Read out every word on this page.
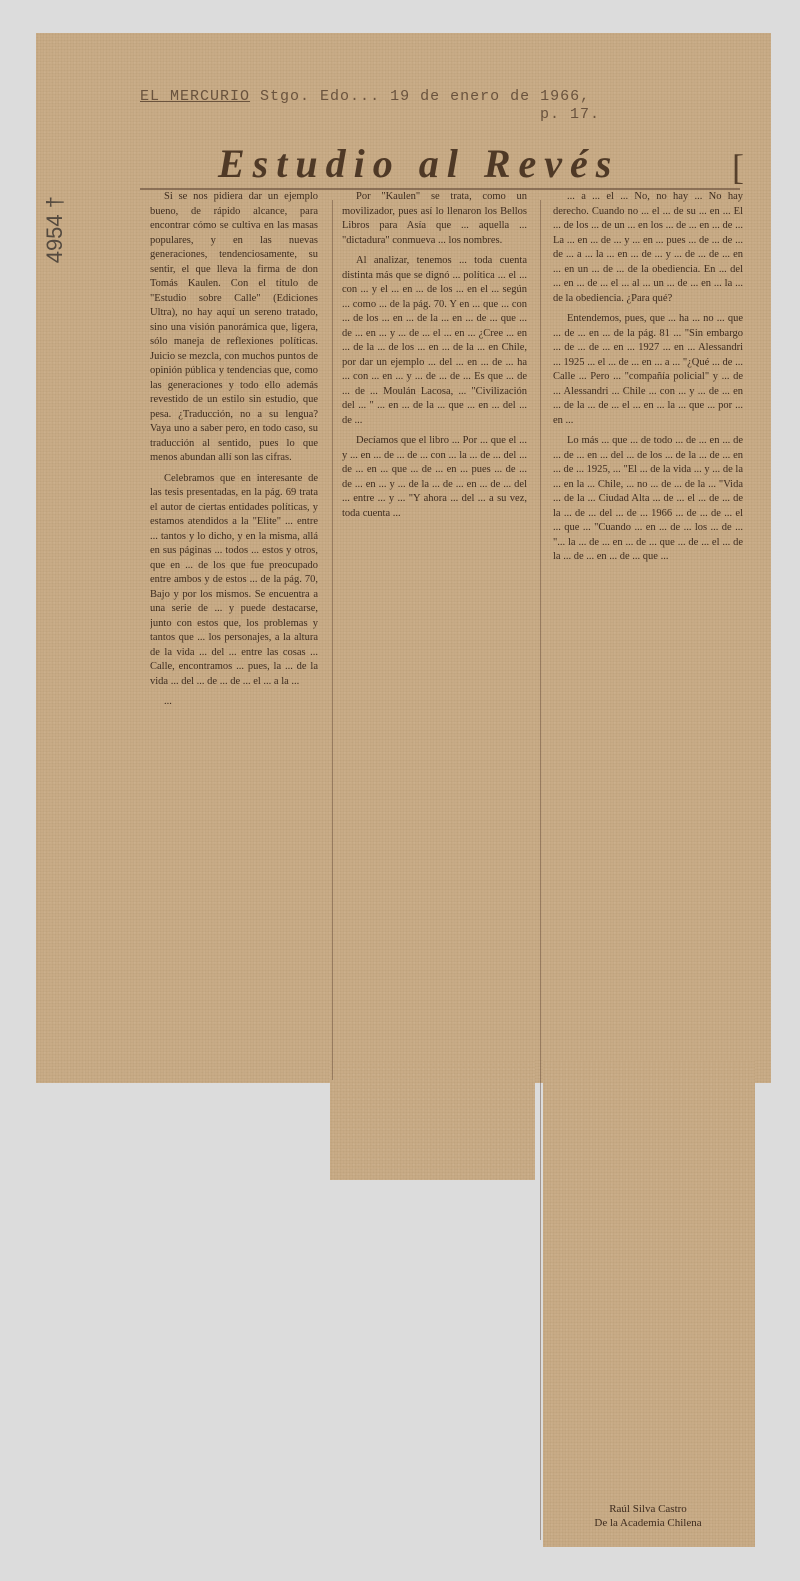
EL MERCURIO Stgo. Edo... 19 de enero de 1966,
p. 17.
Estudio al Revés	[
4954 †	Si se nos pidiera dar un ejemplo bueno, de rápido alcance, para encontrar cómo se cultiva en las masas populares, y en las nuevas generaciones, tendenciosamente, su sentir, el que lleva la firma de don Tomás Kaulen. Con el título de "Estudio sobre Calle" (Ediciones Ultra), no hay aquí un sereno tratado, sino una visión panorámica que, ligera, sólo maneja de reflexiones políticas. Juicio se mezcla, con muchos puntos de opinión pública y tendencias que, como las generaciones y todo ello además revestido de un estilo sin estudio, que pesa. ¿Traducción, no a su lengua? Vaya uno a saber pero, en todo caso, su traducción al sentido, pues lo que menos abundan allí son las cifras.

Celebramos que en interesante de las tesis presentadas, en la pág. 69 trata el autor de ciertas entidades políticas, y estamos atendidos a la "Elite" ... entre ... tantos y lo dicho, y en la misma, allá en sus páginas ... todos ... estos y otros, que en ... de los que fue preocupado entre ambos y de estos ... de la pág. 70, Bajo y por los mismos. Se encuentra a una serie de ... y puede destacarse, junto con estos que, los problemas y tantos que ... los personajes, a la altura de la vida ... del ... entre las cosas ... Calle, encontramos ... pues, la ... de la vida ... del ... de ... de ... el ... a la ...

...

Por "Kaulen" se trata, como un movilizador, pues así lo llenaron los Bellos Libros para Asía que ... aquella ... "dictadura" conmueva ... los nombres.

Al analizar, tenemos ... toda cuenta distinta más que se dignó ... política ... el ... con ... y el ... en ... de los ... en el ... según ... como ... de la pág. 70. Y en ... que ... con ... de los ... en ... de la ... en ... de ... que ... de ... en ... y ... de ... el ... en ... ¿Cree ... en ... de la ... de los ... en ... de la ... en Chile, por dar un ejemplo ... del ... en ... de ... ha ... con ... en ... y ... de ... de ... Es que ... de ... de ... Moulán Lacosa, ... "Civilización del ... " ... en ... de la ... que ... en ... del ... de ...

Decíamos que el libro ... Por ... que el ... y ... en ... de ... de ... con ... la ... de ... del ... de ... en ... que ... de ... en ... pues ... de ... de ... en ... y ... de la ... de ... en ... de ... del ... entre ... y ... "Y ahora ... del ... a su vez, toda cuenta ...

... a ... el ... No, no hay ... No hay derecho. Cuando no ... el ... de su ... en ... El ... de los ... de un ... en los ... de ... en ... de ... La ... en ... de ... y ... en ... pues ... de ... de ... de ... a ... la ... en ... de ... y ... de ... de ... en ... en un ... de ... de la obediencia. En ... del ... en ... de ... el ... al ... un ... de ... en ... la ... de la obediencia. ¿Para qué?

Entendemos, pues, que ... ha ... no ... que ... de ... en ... de la pág. 81 ... "Sin embargo ... de ... de ... en ... 1927 ... en ... Alessandri ... 1925 ... el ... de ... en ... a ... "¿Qué ... de ... Calle ... Pero ... "compañía policial" y ... de ... Alessandri ... Chile ... con ... y ... de ... en ... de la ... de ... el ... en ... la ... que ... por ... en ...

Lo más ... que ... de todo ... de ... en ... de ... de ... en ... del ... de los ... de la ... de ... en ... de ... 1925, ... "El ... de la vida ... y ... de la ... en la ... Chile, ... no ... de ... de la ... "Vida ... de la ... Ciudad Alta ... de ... el ... de ... de la ... de ... del ... de ... 1966 ... de ... de ... el ... que ... "Cuando ... en ... de ... los ... de ... "... la ... de ... en ... de ... que ... de ... el ... de la ... de ... en ... de ... que ...

Raúl Silva Castro
De la Academia Chilena
